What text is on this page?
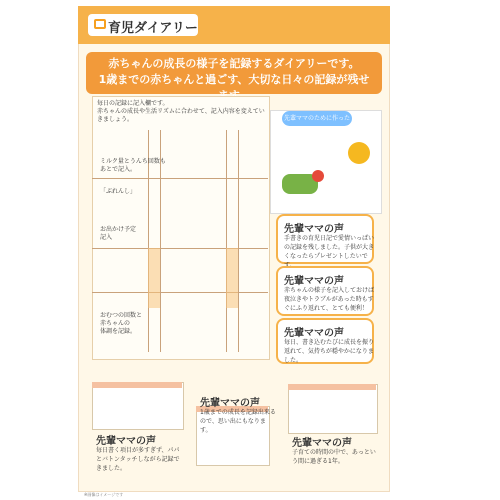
育児ダイアリー
赤ちゃんの成長の様子を記録するダイアリーです。
1歳までの赤ちゃんと過ごす、大切な日々の記録が残せ
毎日の記録に記入欄です。
赤ちゃんの成長や生活リズムに合わせて、記入内容を変えていきましょう。
ミルク量とうんち回数も
あとで記入。
「ぶれんし」
お出かけ予定
記入
おむつの回数と
赤ちゃんの
体調を記録。
先輩ママのために作った 育児ダイアリーです
先輩ママの声
手書きの育児日記で愛情いっぱいの記録を残しました。子供が大きくなったらプレゼントしたいで
先輩ママの声
赤ちゃんの様子を記入しておけば夜泣きやトラブルがあった時もすぐにふり返れて、とても便利！
先輩ママの声
毎日、書き込むたびに成長を振り返れて、気持ちが穏やかになりました。
先輩ママの声
毎日書く項目が多すぎず、パパとバトンタッチしながら記録できました。
先輩ママの声
1歳までの成長を記録出来るので、思い出にもなります。
先輩ママの声
子育ての時間の中で、あっという間に過ぎる1年。
※画像はイメージです
